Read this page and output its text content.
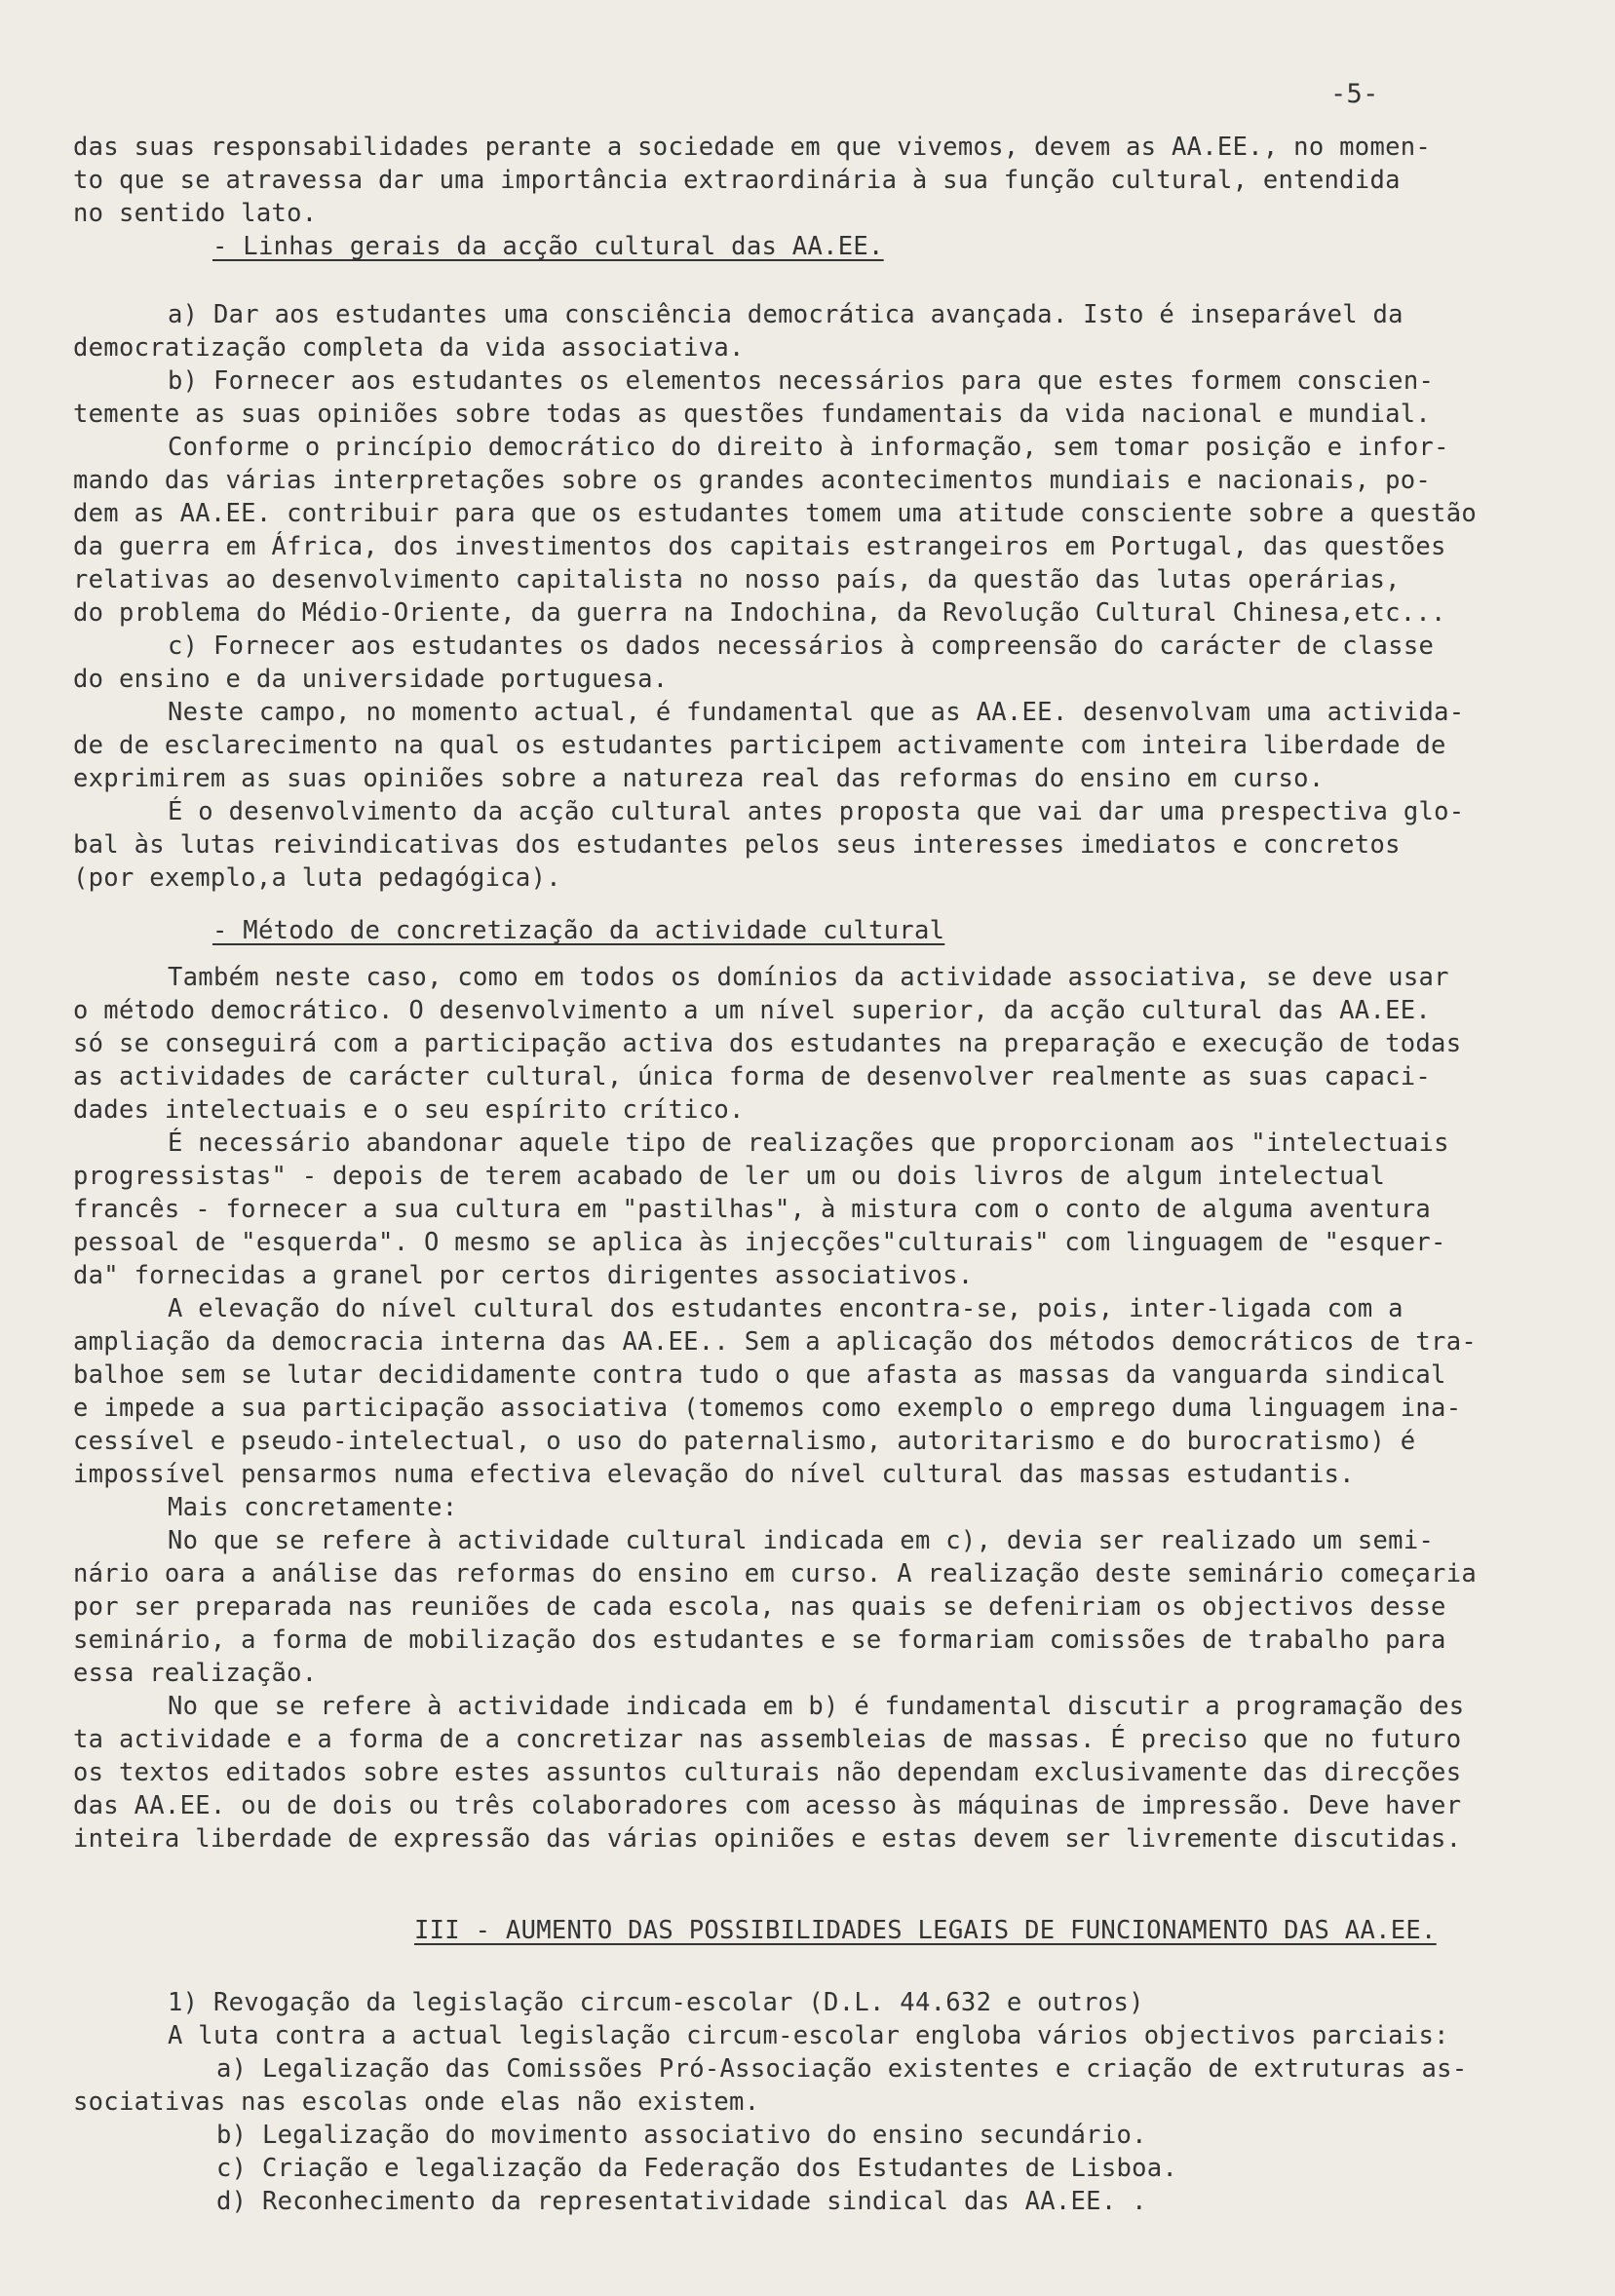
-5-
das suas responsabilidades perante a sociedade em que vivemos, devem as AA.EE., no momen-
to que se atravessa dar uma importância extraordinária à sua função cultural, entendida
no sentido lato.
- Linhas gerais da acção cultural das AA.EE.
a) Dar aos estudantes uma consciência democrática avançada. Isto é inseparável da
democratização completa da vida associativa.
b) Fornecer aos estudantes os elementos necessários para que estes formem conscien-
temente as suas opiniões sobre todas as questões fundamentais da vida nacional e mundial.
Conforme o princípio democrático do direito à informação, sem tomar posição e infor-
mando das várias interpretações sobre os grandes acontecimentos mundiais e nacionais, po-
dem as AA.EE. contribuir para que os estudantes tomem uma atitude consciente sobre a questão
da guerra em África, dos investimentos dos capitais estrangeiros em Portugal, das questões
relativas ao desenvolvimento capitalista no nosso país, da questão das lutas operárias,
do problema do Médio-Oriente, da guerra na Indochina, da Revolução Cultural Chinesa,etc...
c) Fornecer aos estudantes os dados necessários à compreensão do carácter de classe
do ensino e da universidade portuguesa.
Neste campo, no momento actual, é fundamental que as AA.EE. desenvolvam uma activida-
de de esclarecimento na qual os estudantes participem activamente com inteira liberdade de
exprimirem as suas opiniões sobre a natureza real das reformas do ensino em curso.
É o desenvolvimento da acção cultural antes proposta que vai dar uma prespectiva glo-
bal às lutas reivindicativas dos estudantes pelos seus interesses imediatos e concretos
(por exemplo,a luta pedagógica).
- Método de concretização da actividade cultural
Também neste caso, como em todos os domínios da actividade associativa, se deve usar
o método democrático. O desenvolvimento a um nível superior, da acção cultural das AA.EE.
só se conseguirá com a participação activa dos estudantes na preparação e execução de todas
as actividades de carácter cultural, única forma de desenvolver realmente as suas capaci-
dades intelectuais e o seu espírito crítico.
É necessário abandonar aquele tipo de realizações que proporcionam aos "intelectuais
progressistas" - depois de terem acabado de ler um ou dois livros de algum intelectual
francês - fornecer a sua cultura em "pastilhas", à mistura com o conto de alguma aventura
pessoal de "esquerda". O mesmo se aplica às injecções"culturais" com linguagem de "esquer-
da" fornecidas a granel por certos dirigentes associativos.
A elevação do nível cultural dos estudantes encontra-se, pois, inter-ligada com a
ampliação da democracia interna das AA.EE.. Sem a aplicação dos métodos democráticos de tra-
balhoe sem se lutar decididamente contra tudo o que afasta as massas da vanguarda sindical
e impede a sua participação associativa (tomemos como exemplo o emprego duma linguagem ina-
cessível e pseudo-intelectual, o uso do paternalismo, autoritarismo e do burocratismo) é
impossível pensarmos numa efectiva elevação do nível cultural das massas estudantis.
Mais concretamente:
No que se refere à actividade cultural indicada em c), devia ser realizado um semi-
nário oara a análise das reformas do ensino em curso. A realização deste seminário começaria
por ser preparada nas reuniões de cada escola, nas quais se defeniriam os objectivos desse
seminário, a forma de mobilização dos estudantes e se formariam comissões de trabalho para
essa realização.
No que se refere à actividade indicada em b) é fundamental discutir a programação des
ta actividade e a forma de a concretizar nas assembleias de massas. É preciso que no futuro
os textos editados sobre estes assuntos culturais não dependam exclusivamente das direcções
das AA.EE. ou de dois ou três colaboradores com acesso às máquinas de impressão. Deve haver
inteira liberdade de expressão das várias opiniões e estas devem ser livremente discutidas.
III - AUMENTO DAS POSSIBILIDADES LEGAIS DE FUNCIONAMENTO DAS AA.EE.
1) Revogação da legislação circum-escolar (D.L. 44.632 e outros)
A luta contra a actual legislação circum-escolar engloba vários objectivos parciais:
a) Legalização das Comissões Pró-Associação existentes e criação de extruturas as-
sociativas nas escolas onde elas não existem.
b) Legalização do movimento associativo do ensino secundário.
c) Criação e legalização da Federação dos Estudantes de Lisboa.
d) Reconhecimento da representatividade sindical das AA.EE. .
